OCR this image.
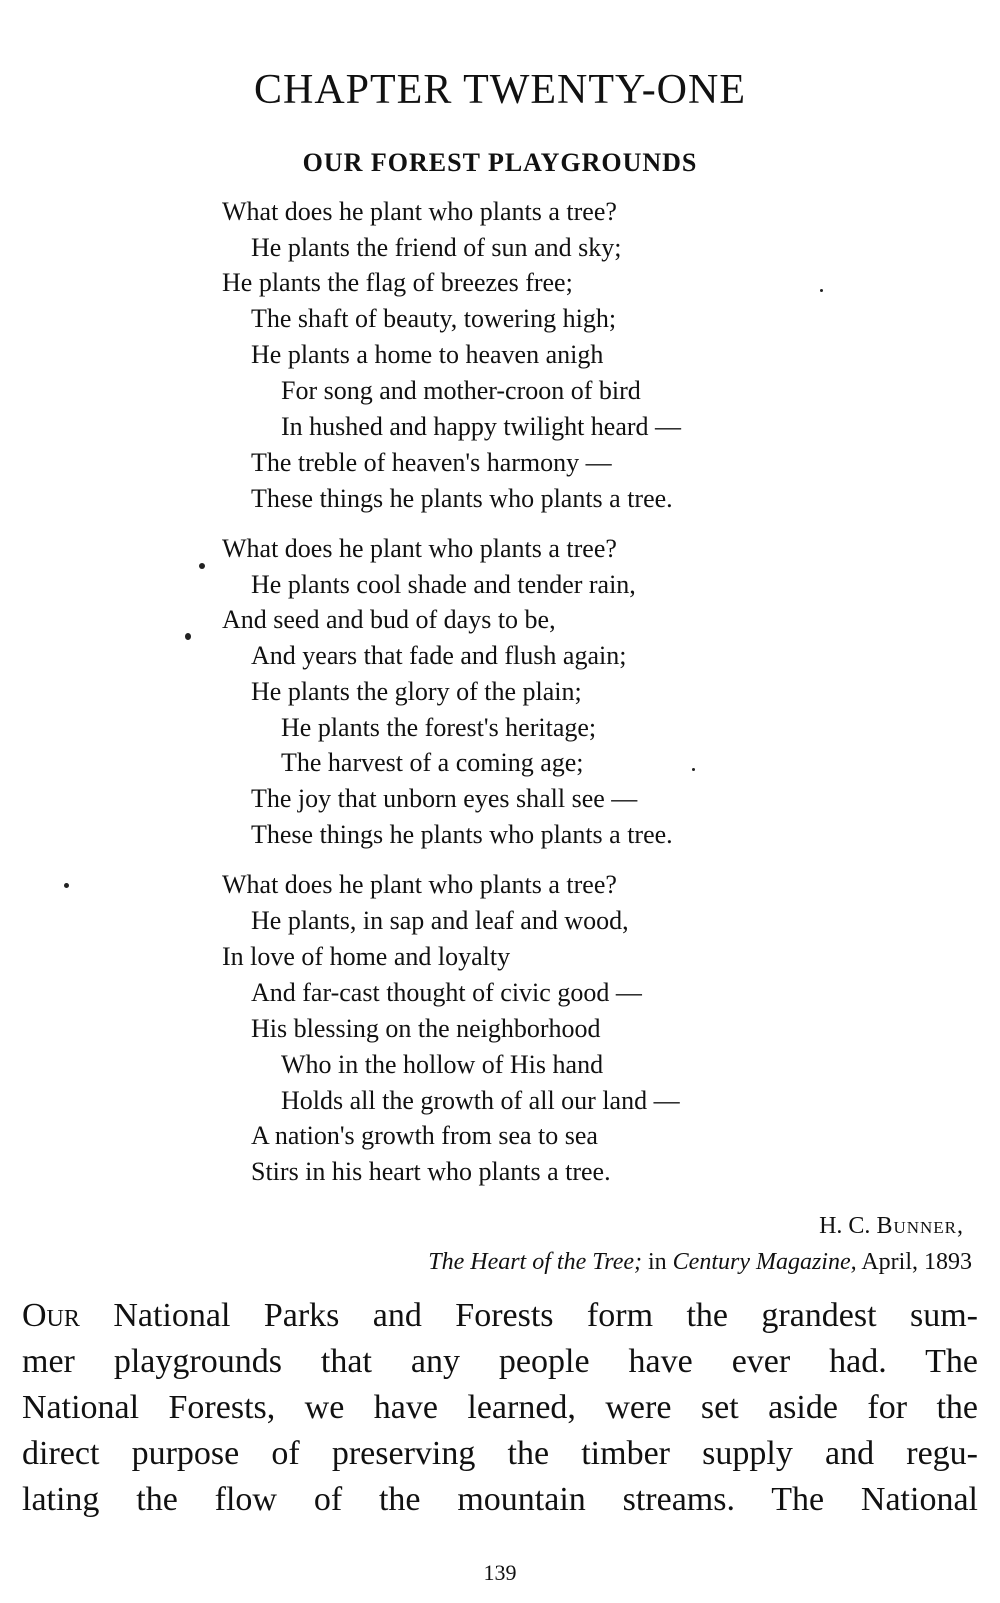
CHAPTER TWENTY-ONE
OUR FOREST PLAYGROUNDS
What does he plant who plants a tree?
He plants the friend of sun and sky;
He plants the flag of breezes free;
The shaft of beauty, towering high;
He plants a home to heaven anigh
For song and mother-croon of bird
In hushed and happy twilight heard —
The treble of heaven's harmony —
These things he plants who plants a tree.
What does he plant who plants a tree?
He plants cool shade and tender rain,
And seed and bud of days to be,
And years that fade and flush again;
He plants the glory of the plain;
He plants the forest's heritage;
The harvest of a coming age;
The joy that unborn eyes shall see —
These things he plants who plants a tree.
What does he plant who plants a tree?
He plants, in sap and leaf and wood,
In love of home and loyalty
And far-cast thought of civic good —
His blessing on the neighborhood
Who in the hollow of His hand
Holds all the growth of all our land —
A nation's growth from sea to sea
Stirs in his heart who plants a tree.
H. C. Bunner,
The Heart of the Tree; in Century Magazine, April, 1893
Our National Parks and Forests form the grandest sum-
mer playgrounds that any people have ever had. The
National Forests, we have learned, were set aside for the
direct purpose of preserving the timber supply and regu-
lating the flow of the mountain streams. The National
139
